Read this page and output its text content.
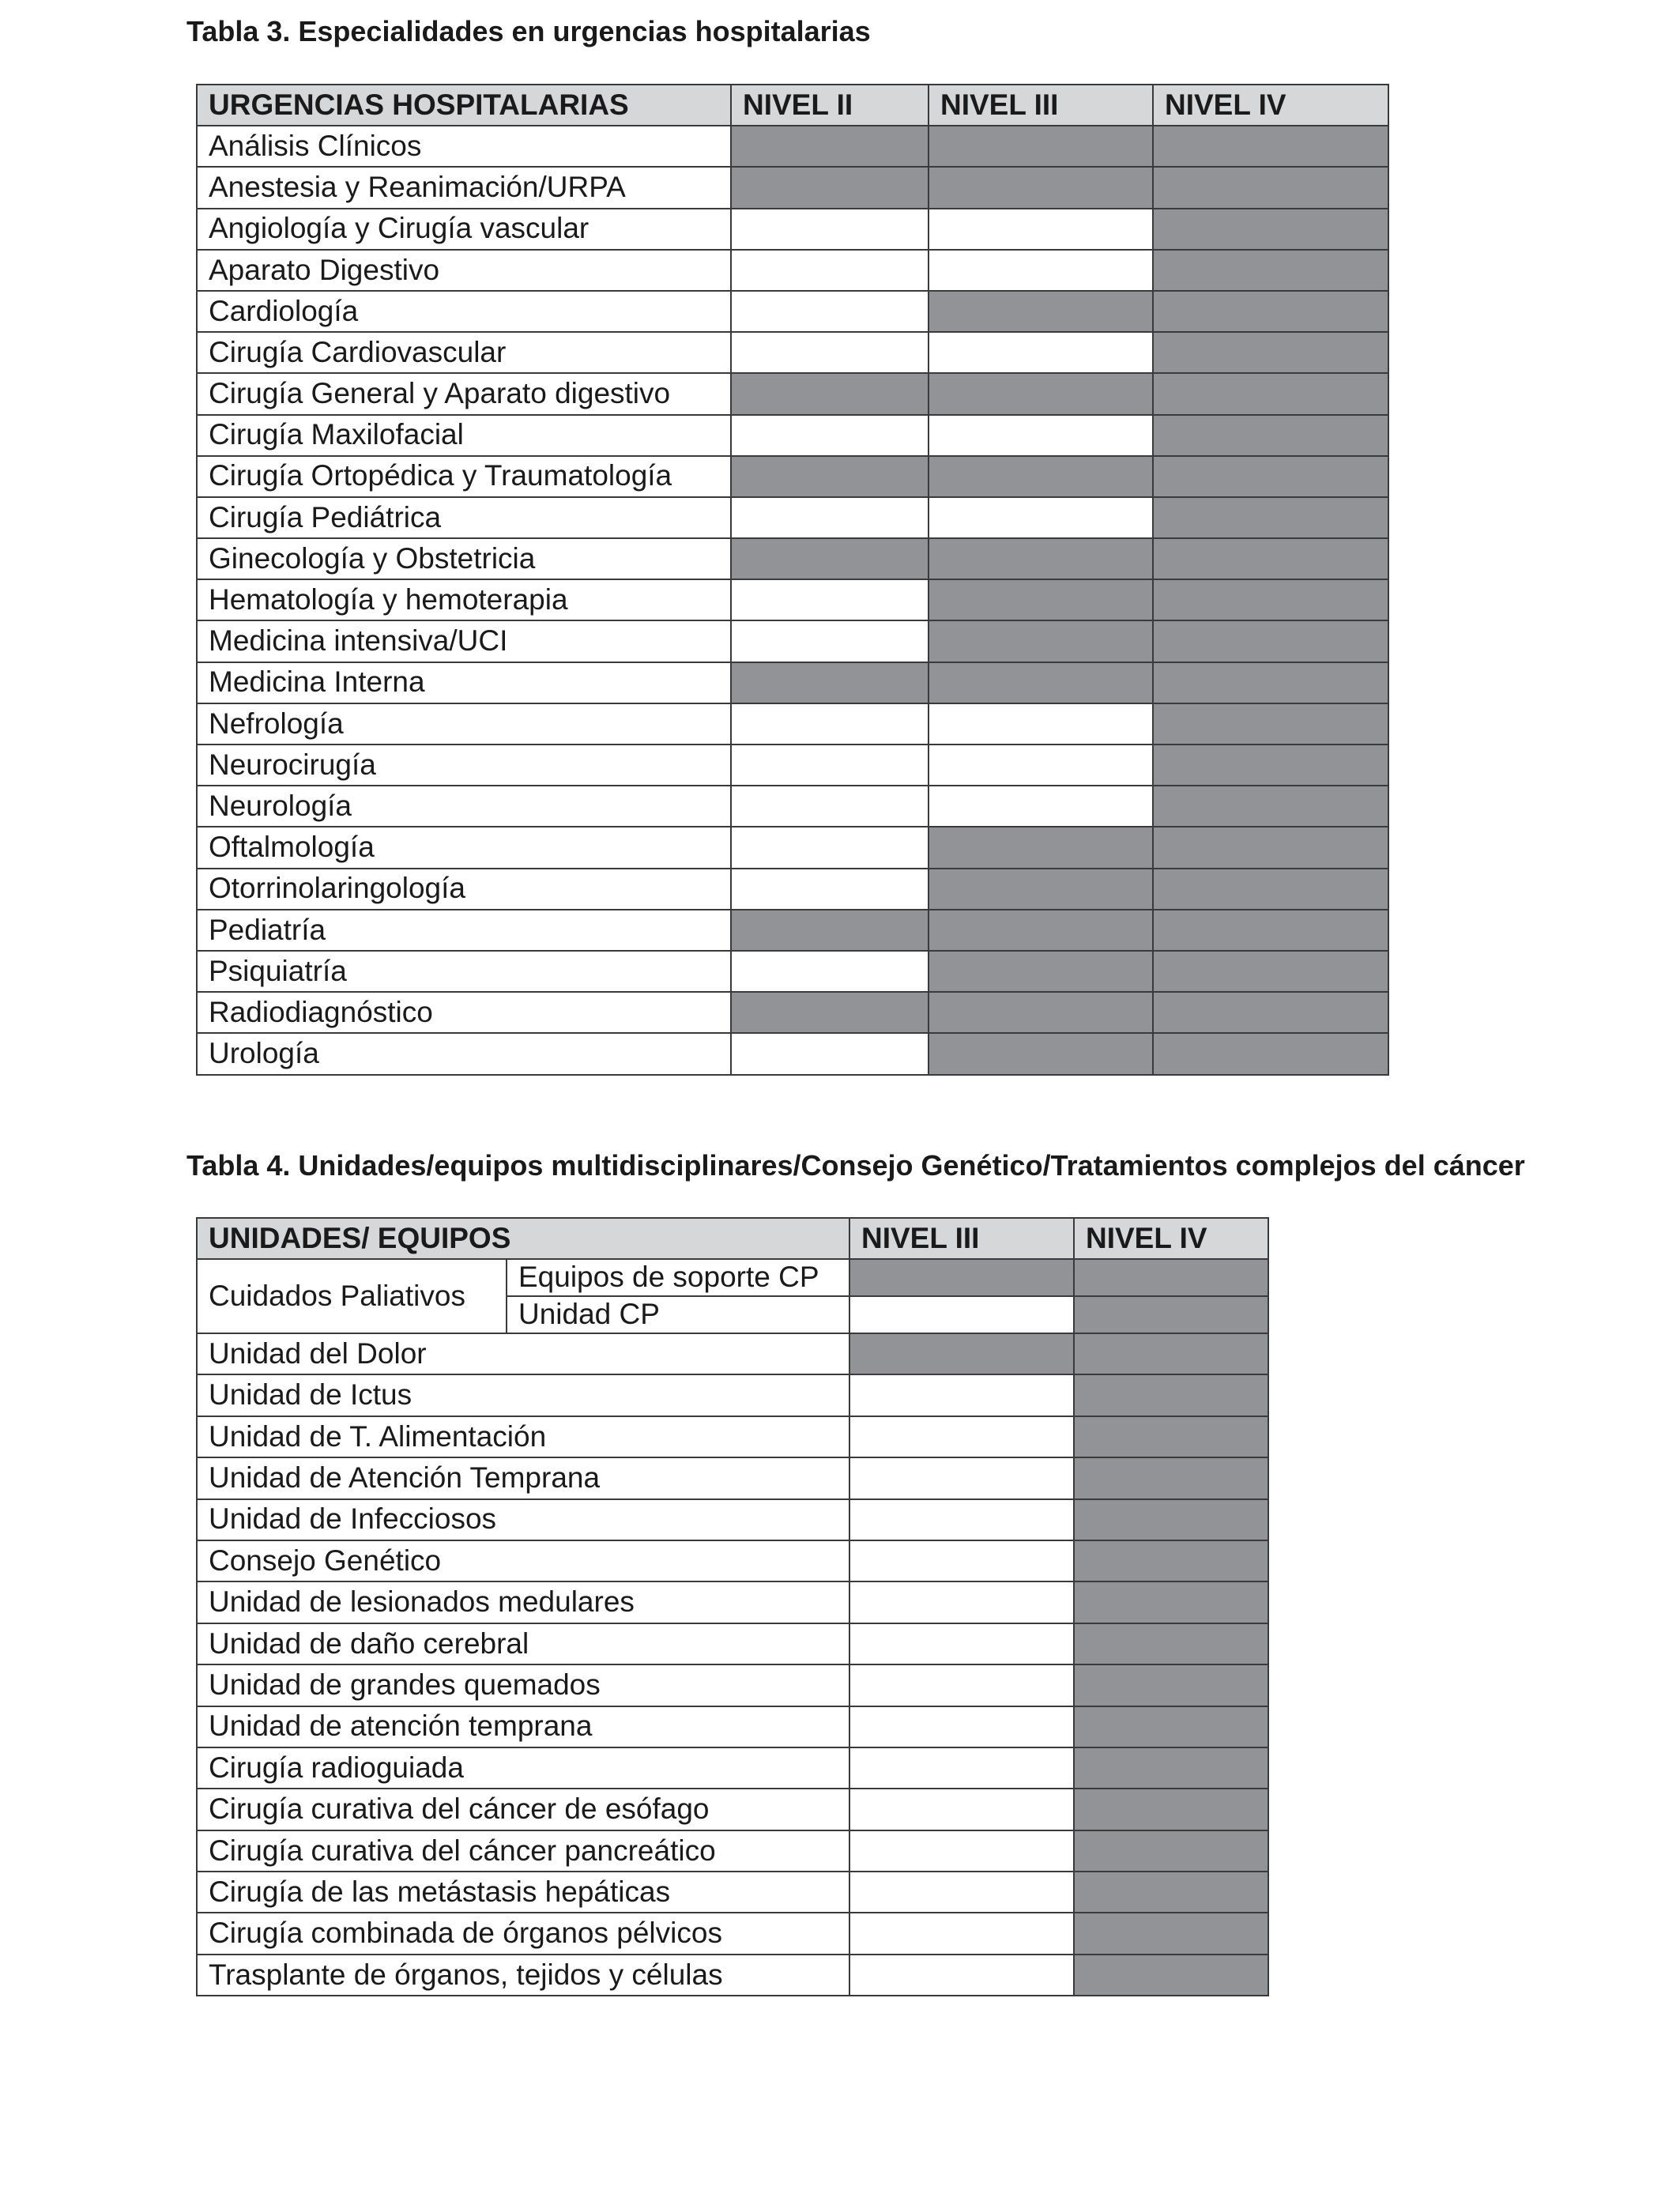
Tabla 3. Especialidades en urgencias hospitalarias
URGENCIAS HOSPITALARIAS	NIVEL II	NIVEL III	NIVEL IV
Análisis Clínicos			
Anestesia y Reanimación/URPA			
Angiología y Cirugía vascular			
Aparato Digestivo			
Cardiología			
Cirugía Cardiovascular			
Cirugía General y Aparato digestivo			
Cirugía Maxilofacial			
Cirugía Ortopédica y Traumatología			
Cirugía Pediátrica			
Ginecología y Obstetricia			
Hematología y hemoterapia			
Medicina intensiva/UCI			
Medicina Interna			
Nefrología			
Neurocirugía			
Neurología			
Oftalmología			
Otorrinolaringología			
Pediatría			
Psiquiatría			
Radiodiagnóstico			
Urología			
Tabla 4. Unidades/equipos multidisciplinares/Consejo Genético/Tratamientos complejos del cáncer
UNIDADES/ EQUIPOS		NIVEL III	NIVEL IV
Cuidados Paliativos	Equipos de soporte CP		
	Unidad CP		
Unidad del Dolor			
Unidad de Ictus			
Unidad de T. Alimentación			
Unidad de Atención Temprana			
Unidad de Infecciosos			
Consejo Genético			
Unidad de lesionados medulares			
Unidad de daño cerebral			
Unidad de grandes quemados			
Unidad de atención temprana			
Cirugía radioguiada			
Cirugía curativa del cáncer de esófago			
Cirugía curativa del cáncer pancreático			
Cirugía de las metástasis hepáticas			
Cirugía combinada de órganos pélvicos			
Trasplante de órganos, tejidos y células			
